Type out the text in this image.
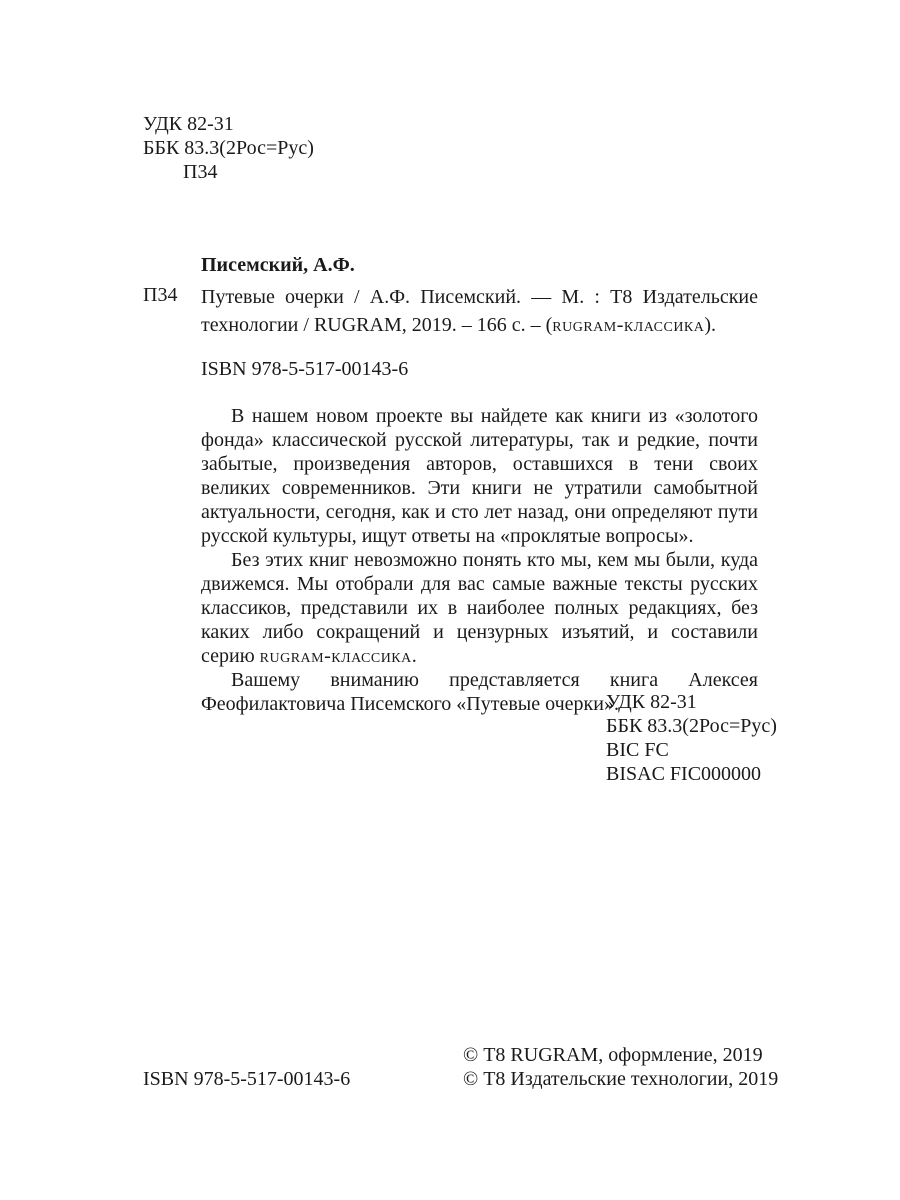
УДК 82-31
ББК 83.3(2Рос=Рус)
П34
Писемский, А.Ф.
П34	Путевые очерки / А.Ф. Писемский. — М. : Т8 Издательские технологии / RUGRAM, 2019. – 166 с. – (rugram-классика).
ISBN 978-5-517-00143-6

В нашем новом проекте вы найдете как книги из «золотого фонда» классической русской литературы, так и редкие, почти забытые, произведения авторов, оставшихся в тени своих великих современников. Эти книги не утратили самобытной актуальности, сегодня, как и сто лет назад, они определяют пути русской культуры, ищут ответы на «проклятые вопросы».

Без этих книг невозможно понять кто мы, кем мы были, куда движемся. Мы отобрали для вас самые важные тексты русских классиков, представили их в наиболее полных редакциях, без каких либо сокращений и цензурных изъятий, и составили серию rugram-классика.

Вашему вниманию представляется книга Алексея Феофилактовича Писемского «Путевые очерки».

УДК 82-31
ББК 83.3(2Рос=Рус)
BIC FC
BISAC FIC000000
© Т8 RUGRAM, оформление, 2019
© Т8 Издательские технологии, 2019
ISBN 978-5-517-00143-6
